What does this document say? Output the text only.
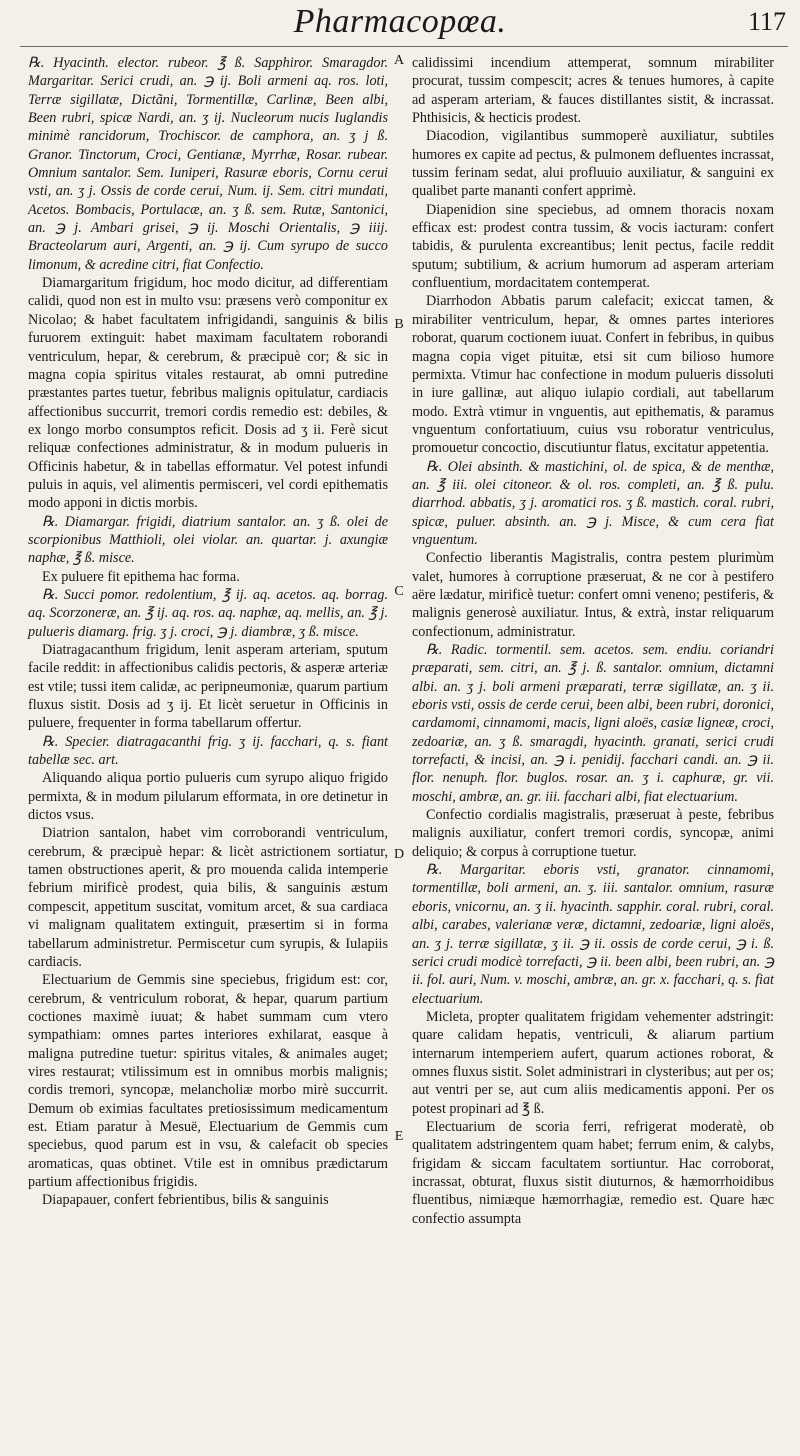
Pharmacopœa.	117
A
B
C
D
E

℞. Hyacinth. elector. rubeor. ℥ ß. Sapphiror. Smaragdor. Margaritar. Serici crudi, an. ℈ ij. Boli armeni aq. ros. loti, Terræ sigillatæ, Dictãni, Tormentillæ, Carlinæ, Been albi, Been rubri, spicæ Nardi, an. ʒ ij. Nucleorum nucis Iuglandis minimè rancidorum, Trochiscor. de camphora, an. ʒ j ß. Granor. Tinctorum, Croci, Gentianæ, Myrrhæ, Rosar. rubear. Omnium santalor. Sem. Iuniperi, Rasuræ eboris, Cornu cerui vsti, an. ʒ j. Ossis de corde cerui, Num. ij. Sem. citri mundati, Acetos. Bombacis, Portulacæ, an. ʒ ß. sem. Rutæ, Santonici, an. ℈ j. Ambari grisei, ℈ ij. Moschi Orientalis, ℈ iiij. Bracteolarum auri, Argenti, an. ℈ ij. Cum syrupo de succo limonum, & acredine citri, fiat Confectio.

Diamargaritum frigidum, hoc modo dicitur, ad differentiam calidi, quod non est in multo vsu: præsens verò componitur ex Nicolao; & habet facultatem infrigidandi, sanguinis & bilis furuorem extinguit: habet maximam facultatem roborandi ventriculum, hepar, & cerebrum, & præcipuè cor; & sic in magna copia spiritus vitales restaurat, ab omni putredine præstantes partes tuetur, febribus malignis opitulatur, cardiacis affectionibus succurrit, tremori cordis remedio est: debiles, & ex longo morbo consumptos reficit. Dosis ad ʒ ii. Ferè sicut reliquæ confectiones administratur, & in modum pulueris in Officinis habetur, & in tabellas efformatur. Vel potest infundi puluis in aquis, vel alimentis permisceri, vel cordi epithematis modo apponi in dictis morbis.

℞. Diamargar. frigidi, diatrium santalor. an. ʒ ß. olei de scorpionibus Matthioli, olei violar. an. quartar. j. axungiæ naphæ, ℥ ß. misce.

Ex puluere fit epithema hac forma.

℞. Succi pomor. redolentium, ℥ ij. aq. acetos. aq. borrag. aq. Scorzoneræ, an. ℥ ij. aq. ros. aq. naphæ, aq. mellis, an. ℥ j. pulueris diamarg. frig. ʒ j. croci, ℈ j. diambræ, ʒ ß. misce.

Diatragacanthum frigidum, lenit asperam arteriam, sputum facile reddit: in affectionibus calidis pectoris, & asperæ arteriæ est vtile; tussi item calidæ, ac peripneumoniæ, quarum partium fluxus sistit. Dosis ad ʒ ij. Et licèt seruetur in Officinis in puluere, frequenter in forma tabellarum offertur.

℞. Specier. diatragacanthi frig. ʒ ij. facchari, q. s. fiant tabellæ sec. art.

Aliquando aliqua portio pulueris cum syrupo aliquo frigido permixta, & in modum pilularum efformata, in ore detinetur in dictos vsus.

Diatrion santalon, habet vim corroborandi ventriculum, cerebrum, & præcipuè hepar: & licèt astrictionem sortiatur, tamen obstructiones aperit, & pro mouenda calida intemperie febrium mirificè prodest, quia bilis, & sanguinis æstum compescit, appetitum suscitat, vomitum arcet, & sua cardiaca vi malignam qualitatem extinguit, præsertim si in forma tabellarum administretur. Permiscetur cum syrupis, & Iulapiis cardiacis.

Electuarium de Gemmis sine speciebus, frigidum est: cor, cerebrum, & ventriculum roborat, & hepar, quarum partium coctiones maximè iuuat; & habet summam cum vtero sympathiam: omnes partes interiores exhilarat, easque à maligna putredine tuetur: spiritus vitales, & animales auget; vires restaurat; vtilissimum est in omnibus morbis malignis; cordis tremori, syncopæ, melancholiæ morbo mirè succurrit. Demum ob eximias facultates pretiosissimum medicamentum est. Etiam paratur à Mesuë, Electuarium de Gemmis cum speciebus, quod parum est in vsu, & calefacit ob species aromaticas, quas obtinet. Vtile est in omnibus prædictarum partium affectionibus frigidis.

Diapapauer, confert febrientibus, bilis & sanguinis

calidissimi incendium attemperat, somnum mirabiliter procurat, tussim compescit; acres & tenues humores, à capite ad asperam arteriam, & fauces distillantes sistit, & incrassat. Phthisicis, & hecticis prodest.

Diacodion, vigilantibus summoperè auxiliatur, subtiles humores ex capite ad pectus, & pulmonem defluentes incrassat, tussim ferinam sedat, alui profluuio auxiliatur, & sanguini ex qualibet parte mananti confert apprimè.

Diapenidion sine speciebus, ad omnem thoracis noxam efficax est: prodest contra tussim, & vocis iacturam: confert tabidis, & purulenta excreantibus; lenit pectus, facile reddit sputum; subtilium, & acrium humorum ad asperam arteriam confluentium, mordacitatem contemperat.

Diarrhodon Abbatis parum calefacit; exiccat tamen, & mirabiliter ventriculum, hepar, & omnes partes interiores roborat, quarum coctionem iuuat. Confert in febribus, in quibus magna copia viget pituitæ, etsi sit cum bilioso humore permixta. Vtimur hac confectione in modum pulueris dissoluti in iure gallinæ, aut aliquo iulapio cordiali, aut tabellarum modo. Extrà vtimur in vnguentis, aut epithematis, & paramus vnguentum confortatiuum, cuius vsu roboratur ventriculus, promouetur concoctio, discutiuntur flatus, excitatur appetentia.

℞. Olei absinth. & mastichini, ol. de spica, & de menthæ, an. ℥ iii. olei citoneor. & ol. ros. completi, an. ℥ ß. pulu. diarrhod. abbatis, ʒ j. aromatici ros. ʒ ß. mastich. coral. rubri, spicæ, puluer. absinth. an. ℈ j. Misce, & cum cera fiat vnguentum.

Confectio liberantis Magistralis, contra pestem plurimùm valet, humores à corruptione præseruat, & ne cor à pestifero aëre lædatur, mirificè tuetur: confert omni veneno; pestiferis, & malignis generosè auxiliatur. Intus, & extrà, instar reliquarum confectionum, administratur.

℞. Radic. tormentil. sem. acetos. sem. endiu. coriandri præparati, sem. citri, an. ℥ j. ß. santalor. omnium, dictamni albi. an. ʒ j. boli armeni præparati, terræ sigillatæ, an. ʒ ii. eboris vsti, ossis de cerde cerui, been albi, been rubri, doronici, cardamomi, cinnamomi, macis, ligni aloës, casiæ ligneæ, croci, zedoariæ, an. ʒ ß. smaragdi, hyacinth. granati, serici crudi torrefacti, & incisi, an. ℈ i. penidij. facchari candi. an. ℈ ii. flor. nenuph. flor. buglos. rosar. an. ʒ i. caphuræ, gr. vii. moschi, ambræ, an. gr. iii. facchari albi, fiat electuarium.

Confectio cordialis magistralis, præseruat à peste, febribus malignis auxiliatur, confert tremori cordis, syncopæ, animi deliquio; & corpus à corruptione tuetur.

℞. Margaritar. eboris vsti, granator. cinnamomi, tormentillæ, boli armeni, an. ʒ. iii. santalor. omnium, rasuræ eboris, vnicornu, an. ʒ ii. hyacinth. sapphir. coral. rubri, coral. albi, carabes, valerianæ veræ, dictamni, zedoariæ, ligni aloës, an. ʒ j. terræ sigillatæ, ʒ ii. ℈ ii. ossis de corde cerui, ℈ i. ß. serici crudi modicè torrefacti, ℈ ii. been albi, been rubri, an. ℈ ii. fol. auri, Num. v. moschi, ambræ, an. gr. x. facchari, q. s. fiat electuarium.

Micleta, propter qualitatem frigidam vehementer adstringit: quare calidam hepatis, ventriculi, & aliarum partium internarum intemperiem aufert, quarum actiones roborat, & omnes fluxus sistit. Solet administrari in clysteribus; aut per os; aut ventri per se, aut cum aliis medicamentis apponi. Per os potest propinari ad ℥ ß.

Electuarium de scoria ferri, refrigerat moderatè, ob qualitatem adstringentem quam habet; ferrum enim, & calybs, frigidam & siccam facultatem sortiuntur. Hac corroborat, incrassat, obturat, fluxus sistit diuturnos, & hæmorrhoidibus fluentibus, nimiæque hæmorrhagiæ, remedio est. Quare hæc confectio assumpta
